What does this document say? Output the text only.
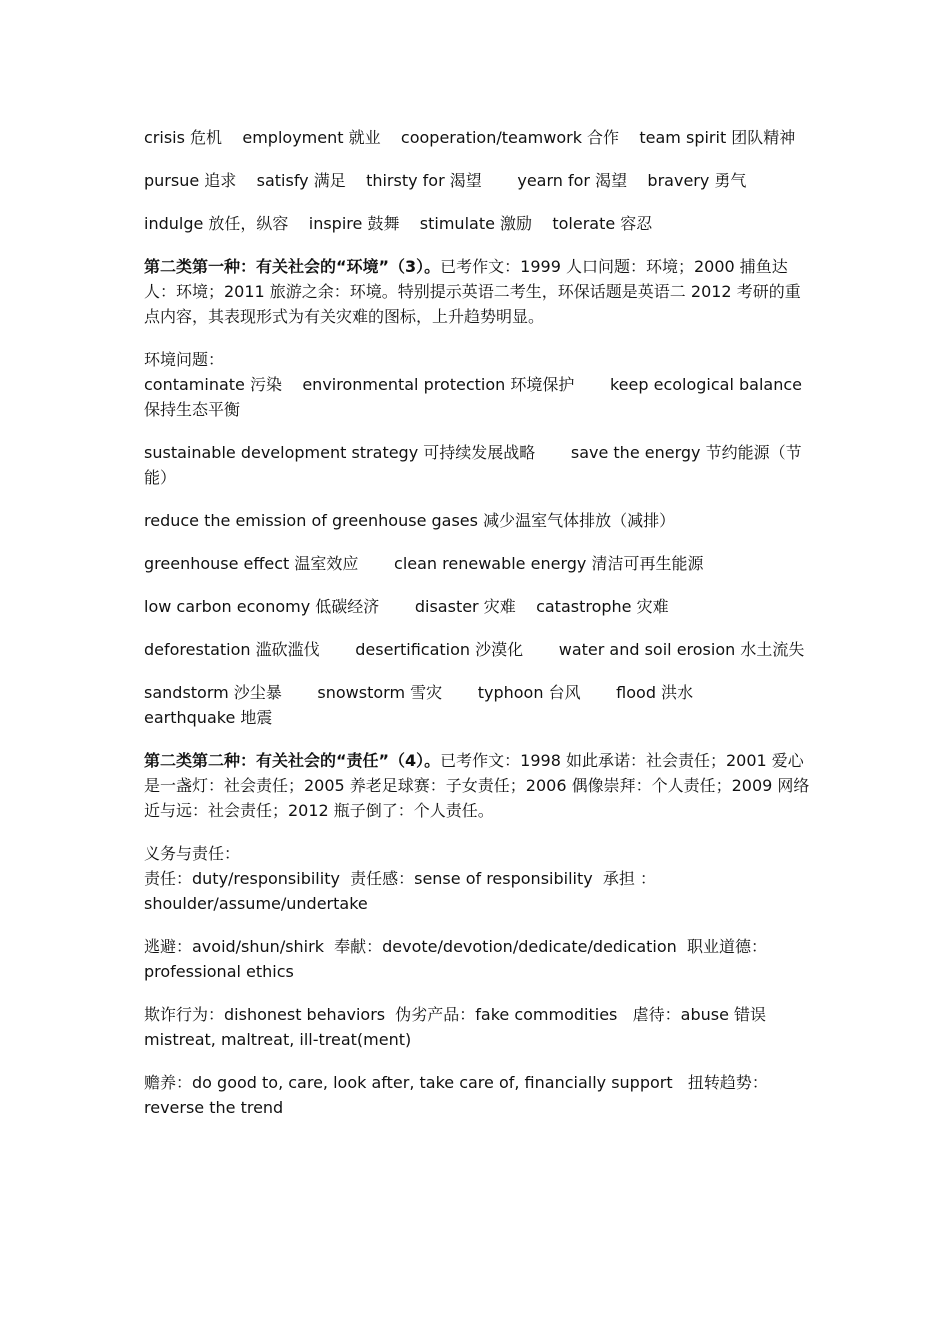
crisis 危机    employment 就业    cooperation/teamwork 合作    team spirit 团队精神

pursue 追求    satisfy 满足    thirsty for 渴望       yearn for 渴望    bravery 勇气

indulge 放任，纵容    inspire 鼓舞    stimulate 激励    tolerate 容忍

第二类第一种：有关社会的“环境”（3）。已考作文：1999 人口问题：环境；2000 捕鱼达人：环境；2011 旅游之余：环境。特别提示英语二考生，环保话题是英语二 2012 考研的重点内容，其表现形式为有关灾难的图标，上升趋势明显。

环境问题：

contaminate 污染    environmental protection 环境保护       keep ecological balance 保持生态平衡

sustainable development strategy 可持续发展战略       save the energy 节约能源（节能）

reduce the emission of greenhouse gases 减少温室气体排放（减排）

greenhouse effect 温室效应       clean renewable energy 清洁可再生能源

low carbon economy 低碳经济       disaster 灾难    catastrophe 灾难

deforestation 滥砍滥伐       desertification 沙漠化       water and soil erosion 水土流失

sandstorm 沙尘暴       snowstorm 雪灾       typhoon 台风       flood 洪水       earthquake 地震

第二类第二种：有关社会的“责任”（4）。已考作文：1998 如此承诺：社会责任；2001 爱心是一盏灯：社会责任；2005 养老足球赛：子女责任；2006 偶像崇拜：个人责任；2009 网络近与远：社会责任；2012 瓶子倒了：个人责任。

义务与责任：

责任：duty/responsibility  责任感：sense of responsibility  承担 ：shoulder/assume/undertake

逃避：avoid/shun/shirk  奉献：devote/devotion/dedicate/dedication  职业道德：professional ethics

欺诈行为：dishonest behaviors  伪劣产品：fake commodities   虐待：abuse 错误 mistreat, maltreat, ill-treat(ment)

赡养：do good to, care, look after, take care of, financially support   扭转趋势：reverse the trend
